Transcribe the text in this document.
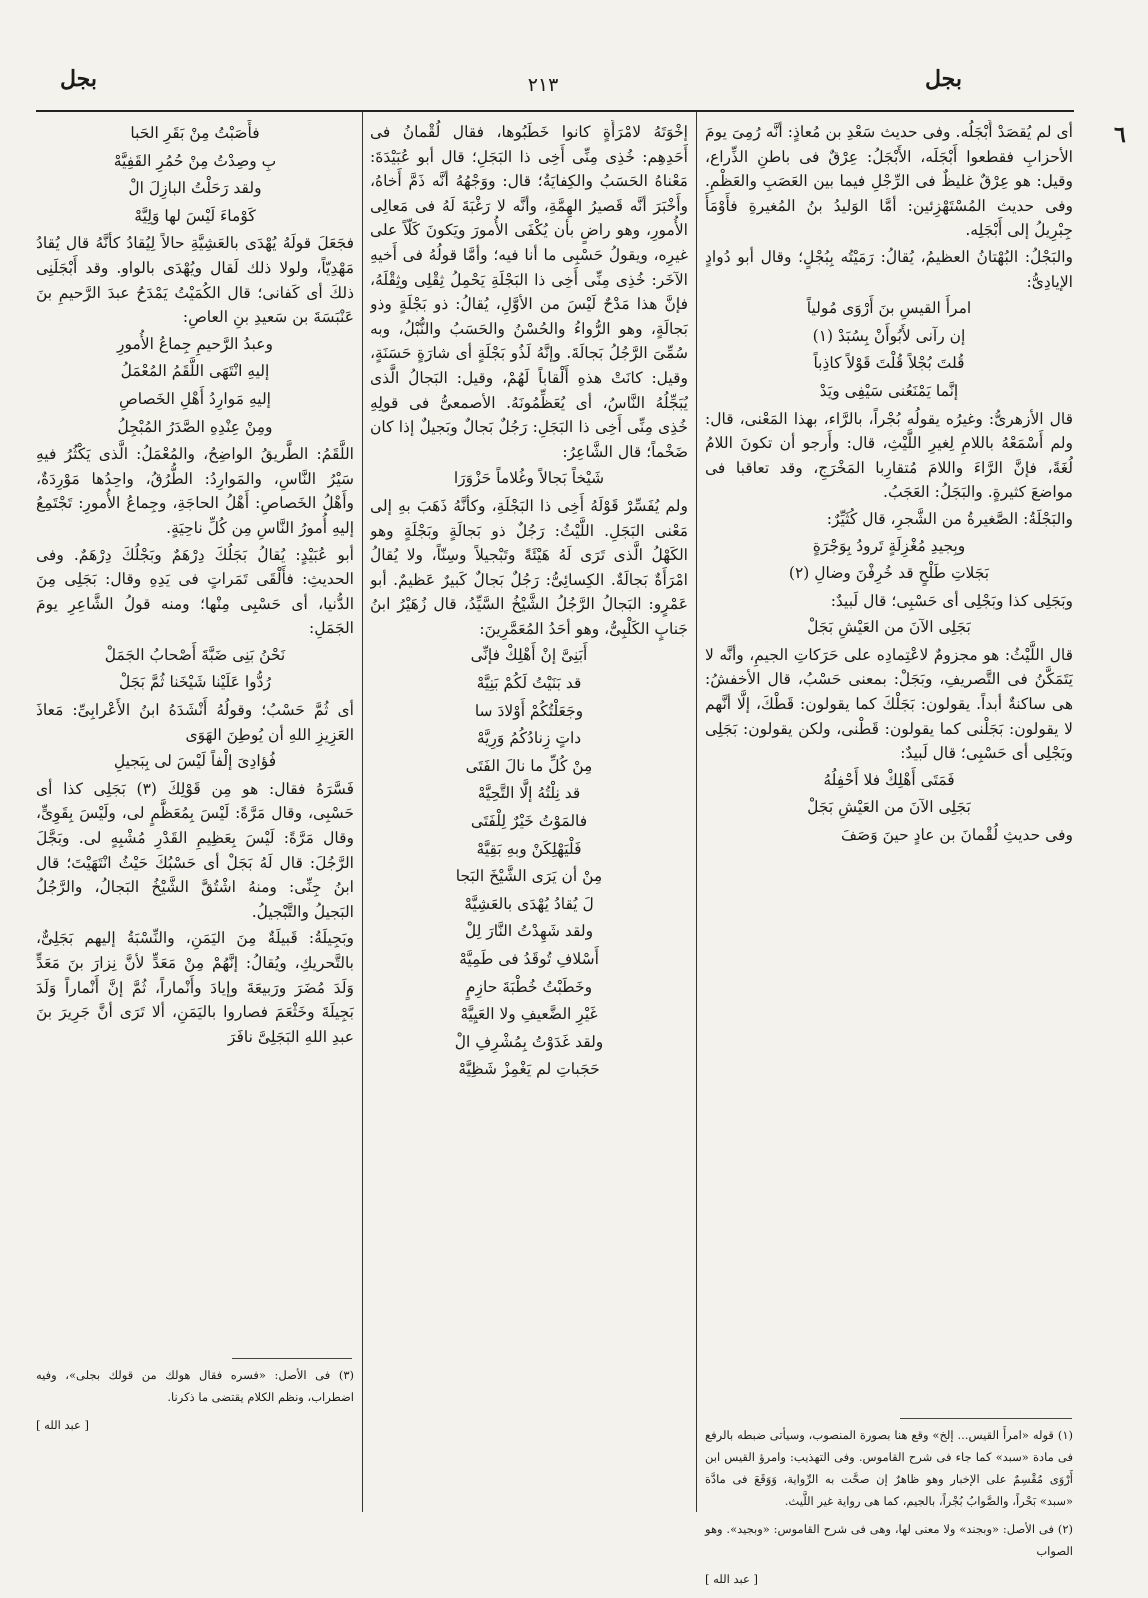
بجل	٢١٣	بجل
٦

أى لم يُقصَدْ أَبْجَلُه. وفى حديث سَعْدِ بن مُعاذٍ: أنَّه رُمِىَ يومَ الأحزابِ فقطعوا أَبْجَلَه، الأَبْجَلُ: عِرْقٌ فى باطنِ الذِّراع، وقيل: هو عِرْقٌ غليظٌ فى الرِّجْلِ فيما بين العَصَبِ والعَظْمِ. وفى حديث المُسْتَهْزِئين: أمَّا الوَليدُ بنُ المُغيرةِ فأَوْمَأَ جِبْرِيلُ إلى أَبْجَلِه.

والبَجْلُ: البُهْتانُ العظيمُ، يُقالُ: رَمَيْتُه بِبُجْلٍ؛ وقال أبو دُوادٍ الإيادِىُّ:

امرأَ القيسِ بنَ أَرْوَى مُولياً
إن رآنى لأَبُوأَنْ بِسُبَدْ (١)
قُلتَ بُجْلاً قُلْتَ قَوْلاً كاذِباً
إنَّما يَمْنَعُنى سَيْفِى ويَدْ

قال الأزهرىُّ: وغيرُه يقولُه بُجْراً، بالرَّاء، بهذا المَعْنى، قال: ولم أَسْمَعْهُ باللامِ لِغيرِ اللَّيْثِ، قال: وأَرجو أن تكونَ اللامُ لُغَةً، فإنَّ الرَّاءَ واللامَ مُتقارِبا المَخْرَجِ، وقد تعاقبا فى مواضعَ كثيرةٍ. والبَجَلُ: العَجَبُ.

والبَجْلَةُ: الصَّغيرةُ من الشَّجرِ، قال كُثَيِّرٌ:

وبِجيدِ مُغْزِلَةٍ تَرودُ بِوَجْرَةٍ
بَجَلاتِ طَلْحٍ قد خُرِفْنَ وضالِ (٢)

وبَجَلِى كذا وبَجْلِى أى حَسْبِى؛ قال لَبيدٌ:

بَجَلِى الآنَ من العَيْشِ بَجَلْ

قال اللَّيْثُ: هو مجزومٌ لاعْتِمادِه على حَرَكاتِ الجيمِ، وأنَّه لا يَتَمَكَّنُ فى التَّصريفِ، وبَجَلْ: بمعنى حَسْبُ، قال الأخفشُ: هى ساكنةٌ أبداً. يقولون: بَجَلْكَ كما يقولون: قَطْكَ، إلَّا أنَّهم لا يقولون: بَجَلْنى كما يقولون: قَطْنى، ولكن يقولون: بَجَلِى وبَجْلِى أى حَسْبِى؛ قال لَبيدٌ:

فَمَتَى أَهْلِكْ فلا أَحْفِلُهُ
بَجَلِى الآنَ من العَيْشِ بَجَلْ

وفى حديثِ لُقْمانَ بن عادٍ حينَ وَصَفَ

(١) قوله «امرأَ القيس... إلخ» وقع هنا بصورة المنصوب، وسيأتى ضبطه بالرفع فى مادة «سبد» كما جاء فى شرح القاموس. وفى التهذيب: وامرؤ القيس ابن أَرْوَى مُقْسِمٌ على الإخبار وهو ظاهرٌ إن صحَّت به الرِّواية، وَوَقَعَ فى مادَّة «سبد» بَحْراً، والصَّوابُ بُجْراً، بالجيم، كما هى رواية غير اللَّيث.

(٢) فى الأصل: «وبجند» ولا معنى لها، وهى فى شرح القاموس: «وبجيد». وهو الصواب

[ عبد الله ]

إخْوَتَهُ لامْرَأَةٍ كانوا خَطَبُوها، فقال لُقْمانُ فى أَحَدِهِم: خُذِى مِنِّى أَخِى ذا البَجَلِ؛ قال أبو عُبَيْدَةَ: مَعْناهُ الحَسَبُ والكِفايَةُ؛ قال: ووَجْهُهُ أنَّه ذَمَّ أَخاهُ، وأَخْبَرَ أنَّه قَصيرُ الهِمَّةِ، وأنَّه لا رَغْبَةَ لَهُ فى مَعالِى الأُمورِ، وهو راضٍ بأن يُكْفَى الأُمورَ ويَكونَ كَلّاً على غيرِه، ويقولُ حَسْبِى ما أنا فيه؛ وأمَّا قولُهُ فى أَخيهِ الآخَر: خُذِى مِنِّى أَخِى ذا البَجْلَةِ يَحْمِلُ ثِقْلِى وثِقْلَهُ، فإنَّ هذا مَدْحٌ لَيْسَ من الأوَّلِ، يُقالُ: ذو بَجْلَةٍ وذو بَجالَةٍ، وهو الرُّواءُ والحُسْنُ والحَسَبُ والنُّبْلُ، وبه سُمِّىَ الرَّجُلُ بَجالَةَ. وإنَّهُ لَذُو بَجْلَةٍ أى شارَةٍ حَسَنَةٍ، وقيل: كانَتْ هذهِ أَلْقاباً لَهُمْ، وقيل: البَجالُ الَّذى يُبَجِّلُهُ النَّاسُ، أى يُعَظِّمُونَهُ. الأصمعىُّ فى قولِهِ خُذِى مِنِّى أَخِى ذا البَجَلِ: رَجُلٌ بَجالٌ وبَجيلٌ إذا كان ضَخْماً؛ قال الشَّاعِرُ:

شَيْخاً بَجالاً وغُلاماً حَزْوَرَا

ولم يُفَسِّرْ قَوْلَهُ أَخِى ذا البَجْلَةِ، وكأنَّهُ ذَهَبَ بهِ إلى مَعْنى البَجَلِ. اللَّيْثُ: رَجُلٌ ذو بَجالَةٍ وبَجْلَةٍ وهو الكَهْلُ الَّذى تَرَى لَهُ هَيْئَةً وتَبْجيلاً وسِنّاً، ولا يُقالُ امْرَأَةٌ بَجالَةٌ. الكِسائِىُّ: رَجُلٌ بَجالٌ كَبيرٌ عَظيمٌ. أبو عَمْرٍو: البَجالُ الرَّجُلُ الشَّيْخُ السَّيِّدُ، قال زُهَيْرُ ابنُ جَنابٍ الكَلْبِىُّ، وهو أحَدُ المُعَمَّرِينَ:

أَبَنِىَّ إنْ أَهْلِكْ فإنِّى
قد بَنَيْتُ لَكُمْ بَنِيَّهْ
وجَعَلْتُكُمْ أَوْلادَ سا
داتٍ زِنادُكُمُ وَرِيَّهْ
مِنْ كُلِّ ما نالَ الفَتَى
قد نِلْتُهُ إلَّا التَّحِيَّهْ
فالمَوْتُ خَيْرٌ لِلْفَتَى
فَلْيَهْلِكَنْ وبهِ بَقِيَّهْ
مِنْ أن يَرَى الشَّيْخَ البَجا
لَ يُقادُ يُهْدَى بالعَشِيَّهْ
ولقد شَهِدْتُ النَّارَ لِلْ
أَسْلافِ تُوقَدُ فى طَمِيَّهْ
وخَطَبْتُ خُطْبَةَ حازِمٍ
غَيْرِ الضَّعيفِ ولا العَيِيَّهْ
ولقد غَدَوْتُ بِمُشْرِفِ الْ
حَجَباتِ لم يَغْمِزْ شَظِيَّهْ
فأَصَبْتُ مِنْ بَقَرِ الحَبا
بِ وصِدْتُ مِنْ حُمُرِ القَفِيَّهْ
ولقد رَحَلْتُ البازِلَ الْ
كَوْماءَ لَيْسَ لها وَلِيَّهْ

فجَعَلَ قولَهُ يُهْدَى بالعَشِيَّةِ حالاً لِيُقادُ كأنَّهُ قال يُقادُ مَهْدِيّاً، ولولا ذلك لَقال ويُهْدَى بالواو. وقد أَبْجَلَنِى ذلكَ أى كَفانى؛ قال الكُمَيْتُ يَمْدَحُ عبدَ الرَّحيمِ بنَ عَنْبَسَةَ بن سَعيدِ بنِ العاصِ:

وعبدُ الرَّحيمِ جِماعُ الأُمورِ
إليهِ انْتَهَى اللَّقَمُ المُعْمَلُ
إليهِ مَوارِدُ أَهْلِ الخَصاصِ
ومِنْ عِنْدِهِ الصَّدَرُ المُبْجِلُ

اللَّقَمُ: الطَّريقُ الواضِحُ، والمُعْمَلُ: الَّذى يَكْثُرُ فيهِ سَيْرُ النَّاسِ، والمَوارِدُ: الطُّرُقُ، واحِدُها مَوْرِدَةٌ، وأَهْلُ الخَصاصِ: أَهْلُ الحاجَةِ، وجِماعُ الأُمورِ: تَجْتَمِعُ إليهِ أُمورُ النَّاسِ مِن كُلِّ ناحِيَةٍ.

أبو عُبَيْدٍ: يُقالُ بَجَلُكَ دِرْهَمٌ وبَجْلُكَ دِرْهَمٌ. وفى الحديثِ: فأَلْقَى تَمَراتٍ فى يَدِهِ وقال: بَجَلِى مِنَ الدُّنيا، أى حَسْبِى مِنْها؛ ومنه قولُ الشَّاعِرِ يومَ الجَمَلِ:

نَحْنُ بَنِى ضَبَّةَ أَصْحابُ الجَمَلْ
رُدُّوا عَلَيْنا شَيْخَنا ثُمَّ بَجَلْ

أى ثُمَّ حَسْبُ؛ وقولُهُ أَنْشَدَهُ ابنُ الأَعْرابِىِّ: مَعاذَ العَزِيزِ اللهِ أن يُوطِنَ الهَوَى

فُؤادِىَ إلْفاً لَيْسَ لى بِبَجيلِ

فَسَّرَهُ فقال: هو مِن قَوْلِكَ (٣) بَجَلِى كذا أى حَسْبِى، وقال مَرَّةً: لَيْسَ بِمُعَظَّمٍ لى، ولَيْسَ بِقَوِىٍّ، وقال مَرَّةً: لَيْسَ بِعَظِيمِ القَدْرِ مُشْبِهٍ لى. وبَجَّلَ الرَّجُلَ: قال لَهُ بَجَلْ أى حَسْبُكَ حَيْثُ انْتَهَيْتَ؛ قال ابنُ جِنِّى: ومنهُ اشْتُقَّ الشَّيْخُ البَجالُ، والرَّجُلُ البَجيلُ والتَّبْجيلُ.

وبَجِيلَةُ: قَبيلَةٌ مِنَ اليَمَنِ، والنِّسْبَةُ إليهم بَجَلِىٌّ، بالتَّحريكِ، ويُقالُ: إنَّهُمْ مِنْ مَعَدٍّ لأنَّ نِزارَ بنَ مَعَدٍّ وَلَدَ مُضَرَ ورَبيعَةَ وإيادَ وأَنْماراً، ثُمَّ إنَّ أَنْماراً وَلَدَ بَجِيلَةَ وخَثْعَمَ فصاروا باليَمَنِ، ألا تَرَى أنَّ جَرِيرَ بنَ عبدِ اللهِ البَجَلِىَّ نافَرَ

(٣) فى الأصل: «فسره فقال هولك من قولك بجلى»، وفيه اضطراب، ونظم الكلام يقتضى ما ذكرنا.

[ عبد الله ]
